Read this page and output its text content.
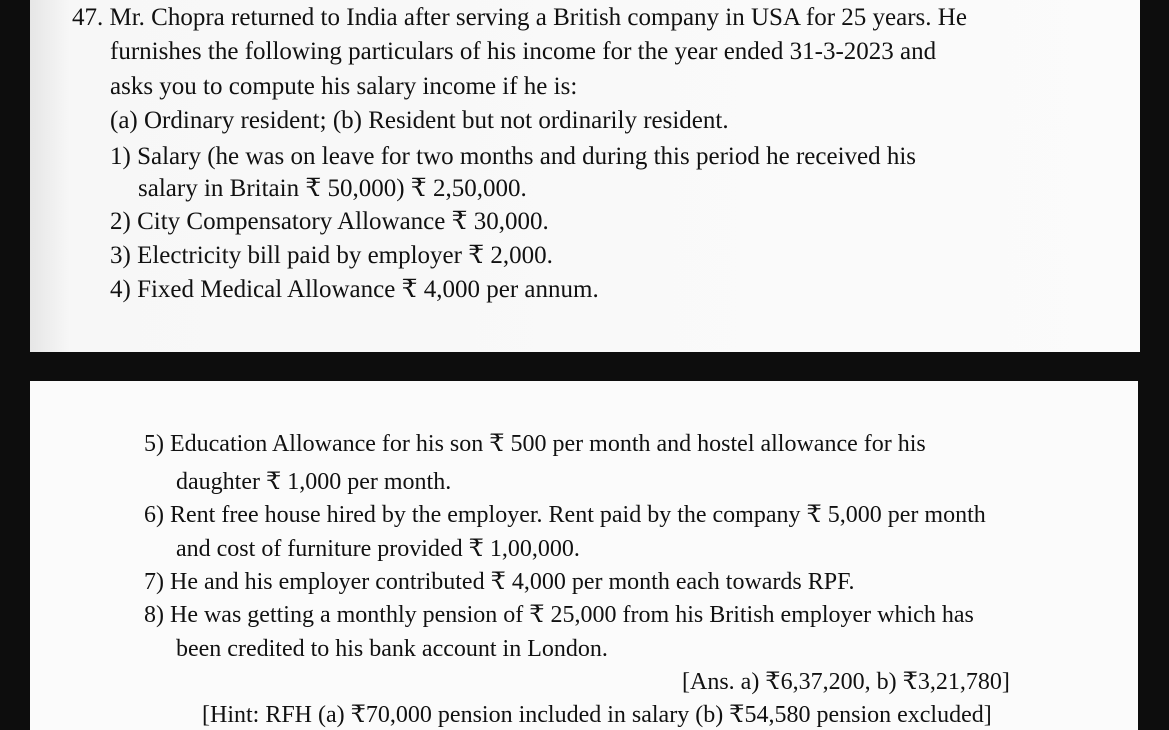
47. Mr. Chopra returned to India after serving a British company in USA for 25 years. He
furnishes the following particulars of his income for the year ended 31-3-2023 and
asks you to compute his salary income if he is:
(a) Ordinary resident; (b) Resident but not ordinarily resident.
1) Salary (he was on leave for two months and during this period he received his
salary in Britain ₹ 50,000) ₹ 2,50,000.
2) City Compensatory Allowance ₹ 30,000.
3) Electricity bill paid by employer ₹ 2,000.
4) Fixed Medical Allowance ₹ 4,000 per annum.
5) Education Allowance for his son ₹ 500 per month and hostel allowance for his
daughter ₹ 1,000 per month.
6) Rent free house hired by the employer. Rent paid by the company ₹ 5,000 per month
and cost of furniture provided ₹ 1,00,000.
7) He and his employer contributed ₹ 4,000 per month each towards RPF.
8) He was getting a monthly pension of ₹ 25,000 from his British employer which has
been credited to his bank account in London.
[Ans. a) ₹6,37,200, b) ₹3,21,780]
[Hint: RFH (a) ₹70,000 pension included in salary (b) ₹54,580 pension excluded]
